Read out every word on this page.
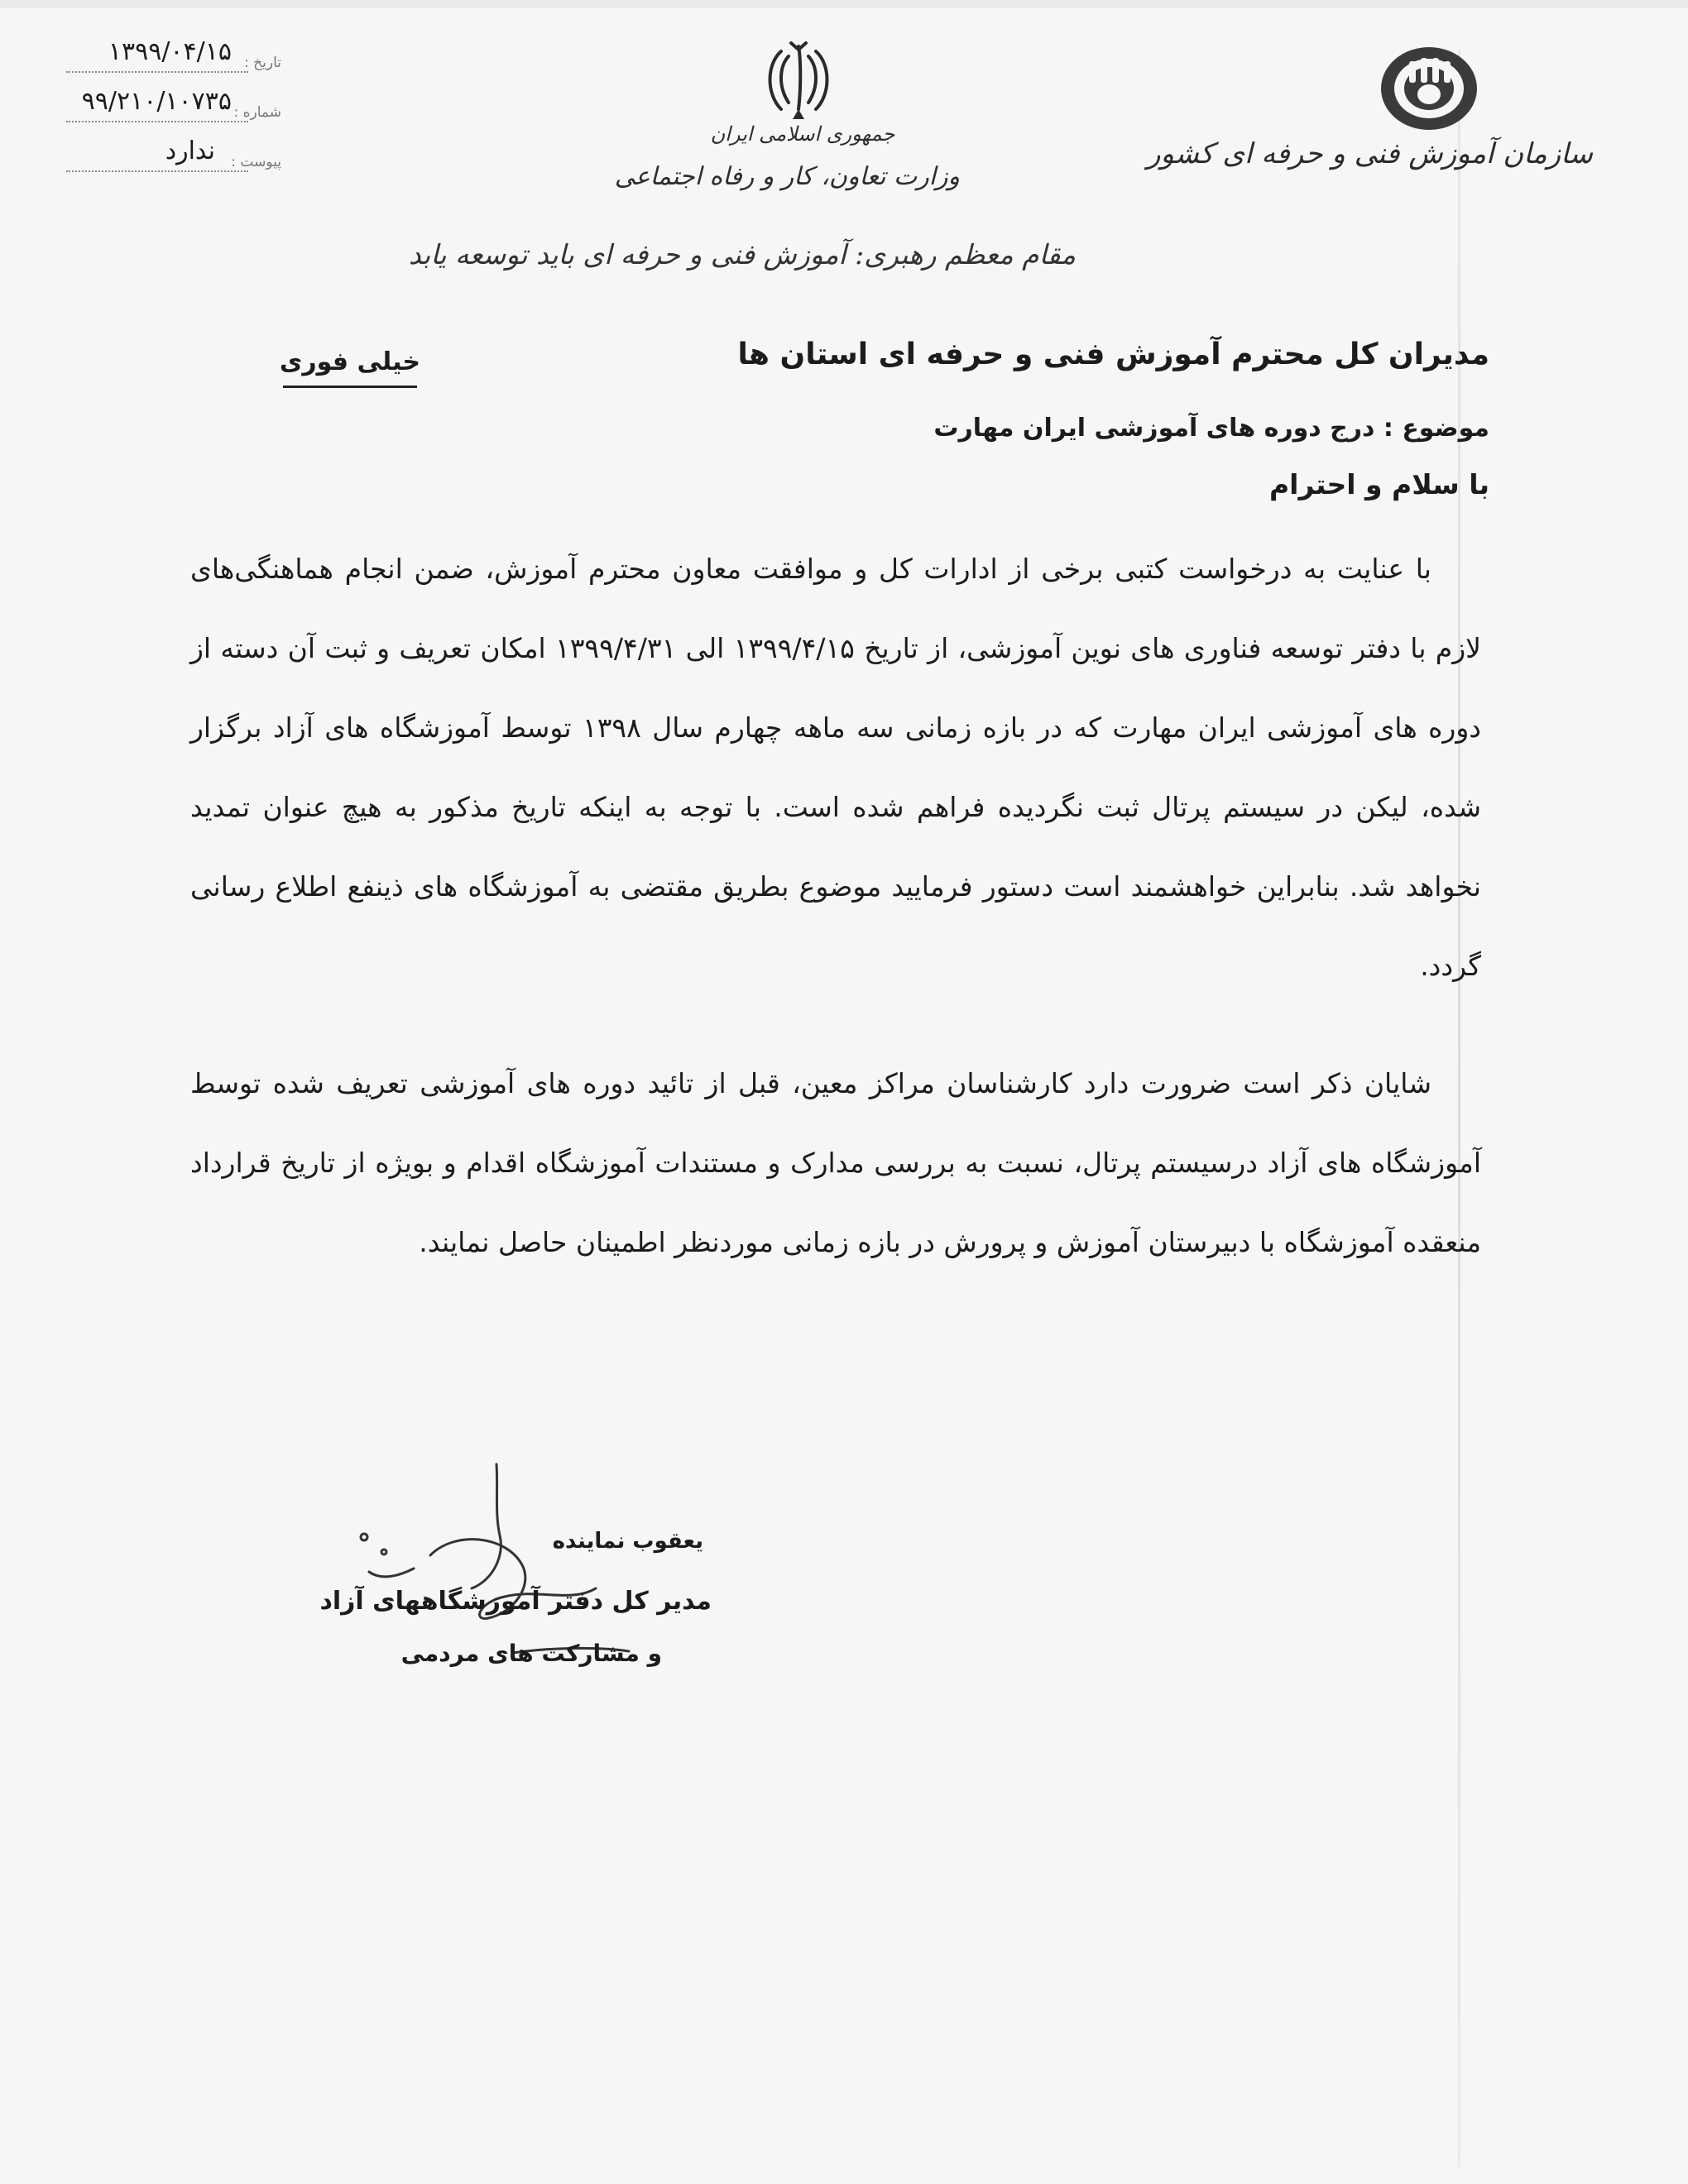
۱۳۹۹/۰۴/۱۵ تاریخ :
۹۹/۲۱۰/۱۰۷۳۵ شماره :
ندارد پیوست :
جمهوری اسلامی ایران
وزارت تعاون، کار و رفاه اجتماعی
مقام معظم رهبری: آموزش فنی و حرفه ای باید توسعه یابد
سازمان آموزش فنی و حرفه ای کشور
مدیران کل محترم آموزش فنی و حرفه ای استان ها
خیلی فوری
موضوع : درج دوره های آموزشی ایران مهارت
با سلام و احترام
با عنایت به درخواست کتبی برخی از ادارات کل و موافقت معاون محترم آموزش، ضمن انجام هماهنگی‌های لازم با دفتر توسعه فناوری های نوین آموزشی، از تاریخ ۱۳۹۹/۴/۱۵ الی ۱۳۹۹/۴/۳۱ امکان تعریف و ثبت آن دسته از دوره های آموزشی ایران مهارت که در بازه زمانی سه ماهه چهارم سال ۱۳۹۸ توسط آموزشگاه های آزاد برگزار شده، لیکن در سیستم پرتال ثبت نگردیده فراهم شده است. با توجه به اینکه تاریخ مذکور به هیچ عنوان تمدید نخواهد شد. بنابراین خواهشمند است دستور فرمایید موضوع بطریق مقتضی به آموزشگاه های ذینفع اطلاع رسانی گردد.
شایان ذکر است ضرورت دارد کارشناسان مراکز معین، قبل از تائید دوره های آموزشی تعریف شده توسط آموزشگاه های آزاد درسیستم پرتال، نسبت به بررسی مدارک و مستندات آموزشگاه اقدام و بویژه از تاریخ قرارداد منعقده آموزشگاه با دبیرستان آموزش و پرورش در بازه زمانی موردنظر اطمینان حاصل نمایند.
یعقوب نماینده
مدیر کل دفتر آموزشگاههای آزاد
و مشارکت های مردمی
